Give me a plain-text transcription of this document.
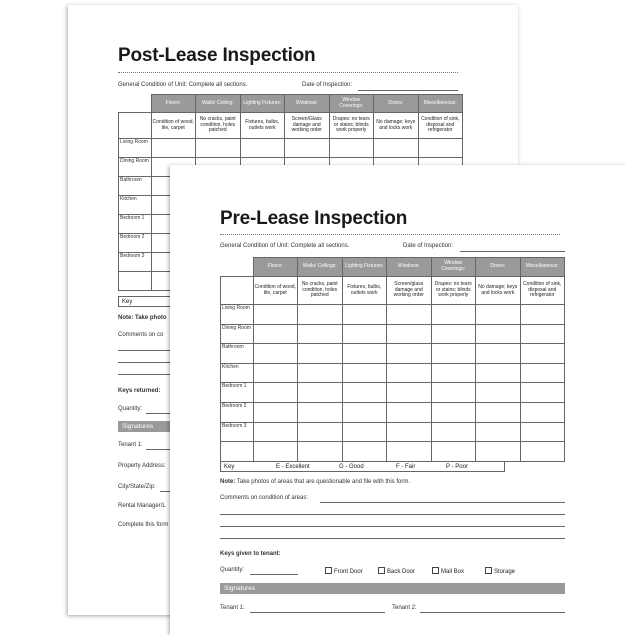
Post-Lease Inspection
General Condition of Unit: Complete all sections.	Date of Inspection:
	Floors:	Walls/ Ceiling:	Lighting Fixtures:	Windows:	Window Coverings:	Doors:	Miscellaneous:
	Condition of wood, tile, carpet	No cracks, paint condition, holes patched	Fixtures, bulbs, outlets work	Screen/Glass damage and working order	Drapes: no tears or stains; blinds work properly	No damage; keys and locks work	Condition of sink, disposal and refrigerator
Living Room							
Dining Room							
Bathroom							
Kitchen							
Bedroom 1							
Bedroom 2							
Bedroom 3							

Key
Note: Take photo
Comments on co
Keys returned:
Quantity:
Signatures
Tenant 1:
Property Address:
City/State/Zip:
Rental Manager/L
Complete this form
Pre-Lease Inspection
General Condition of Unit: Complete all sections.	Date of Inspection:
	Floors:	Walls/ Ceilings:	Lighting Fixtures:	Windows:	Window Coverings:	Doors:	Miscellaneous:
	Condition of wood, tile, carpet	No cracks, paint condition, holes patched	Fixtures, bulbs, outlets work	Screen/glass damage and working order	Drapes: no tears or stains; blinds work properly	No damage; keys and locks work	Condition of sink, disposal and refrigerator
Living Room							
Dining Room							
Bathroom							
Kitchen							
Bedroom 1							
Bedroom 2							
Bedroom 3							

Key	E - Excellent	G - Good	F - Fair	P - Poor
Note: Take photos of areas that are questionable and file with this form.
Comments on condition of areas:
Keys given to tenant:
Quantity:	Front Door	Back Door	Mail Box	Storage
Signatures
Tenant 1:	Tenant 2:
